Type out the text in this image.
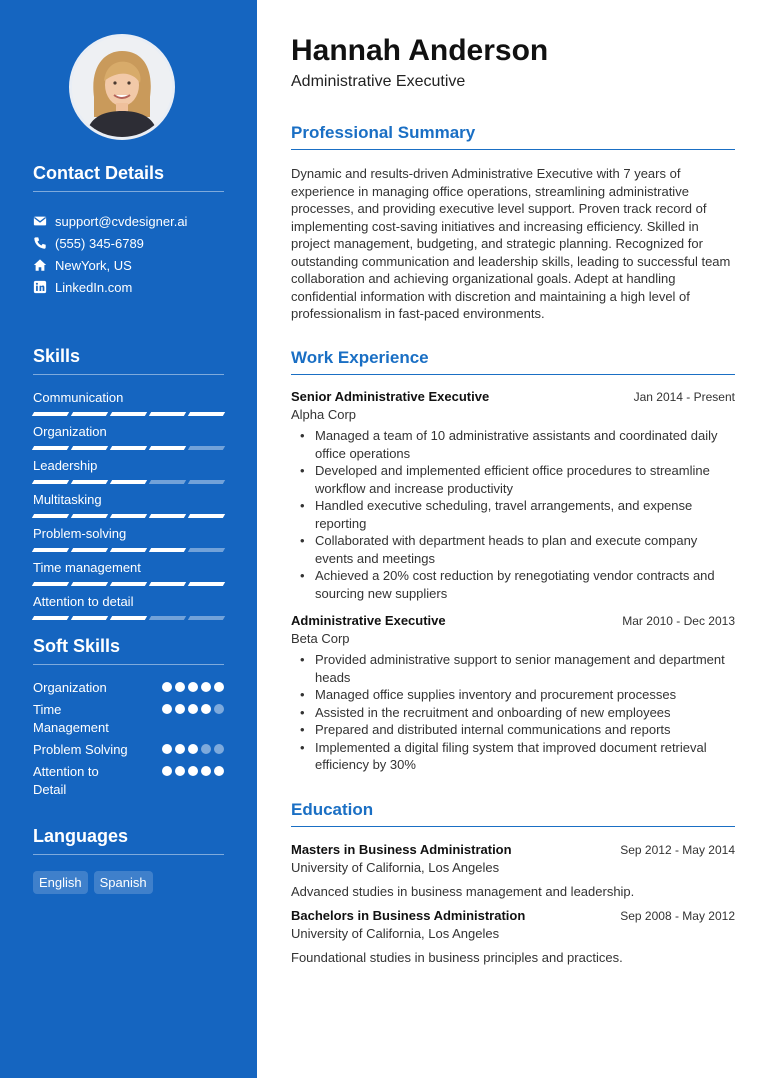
Contact Details
support@cvdesigner.ai
(555) 345-6789
NewYork, US
LinkedIn.com
Skills
Communication
Organization
Leadership
Multitasking
Problem-solving
Time management
Attention to detail
Soft Skills
Organization
Time Management
Problem Solving
Attention to Detail
Languages
English	Spanish
Hannah Anderson
Administrative Executive
Professional Summary

Dynamic and results-driven Administrative Executive with 7 years of experience in managing office operations, streamlining administrative processes, and providing executive level support. Proven track record of implementing cost-saving initiatives and increasing efficiency. Skilled in project management, budgeting, and strategic planning. Recognized for outstanding communication and leadership skills, leading to successful team collaboration and achieving organizational goals. Adept at handling confidential information with discretion and maintaining a high level of professionalism in fast-paced environments.

Work Experience
Senior Administrative Executive	Jan 2014 - Present
Alpha Corp
• Managed a team of 10 administrative assistants and coordinated daily office operations
• Developed and implemented efficient office procedures to streamline workflow and increase productivity
• Handled executive scheduling, travel arrangements, and expense reporting
• Collaborated with department heads to plan and execute company events and meetings
• Achieved a 20% cost reduction by renegotiating vendor contracts and sourcing new suppliers
Administrative Executive	Mar 2010 - Dec 2013
Beta Corp
• Provided administrative support to senior management and department heads
• Managed office supplies inventory and procurement processes
• Assisted in the recruitment and onboarding of new employees
• Prepared and distributed internal communications and reports
• Implemented a digital filing system that improved document retrieval efficiency by 30%
Education
Masters in Business Administration	Sep 2012 - May 2014
University of California, Los Angeles
Advanced studies in business management and leadership.
Bachelors in Business Administration	Sep 2008 - May 2012
University of California, Los Angeles
Foundational studies in business principles and practices.
